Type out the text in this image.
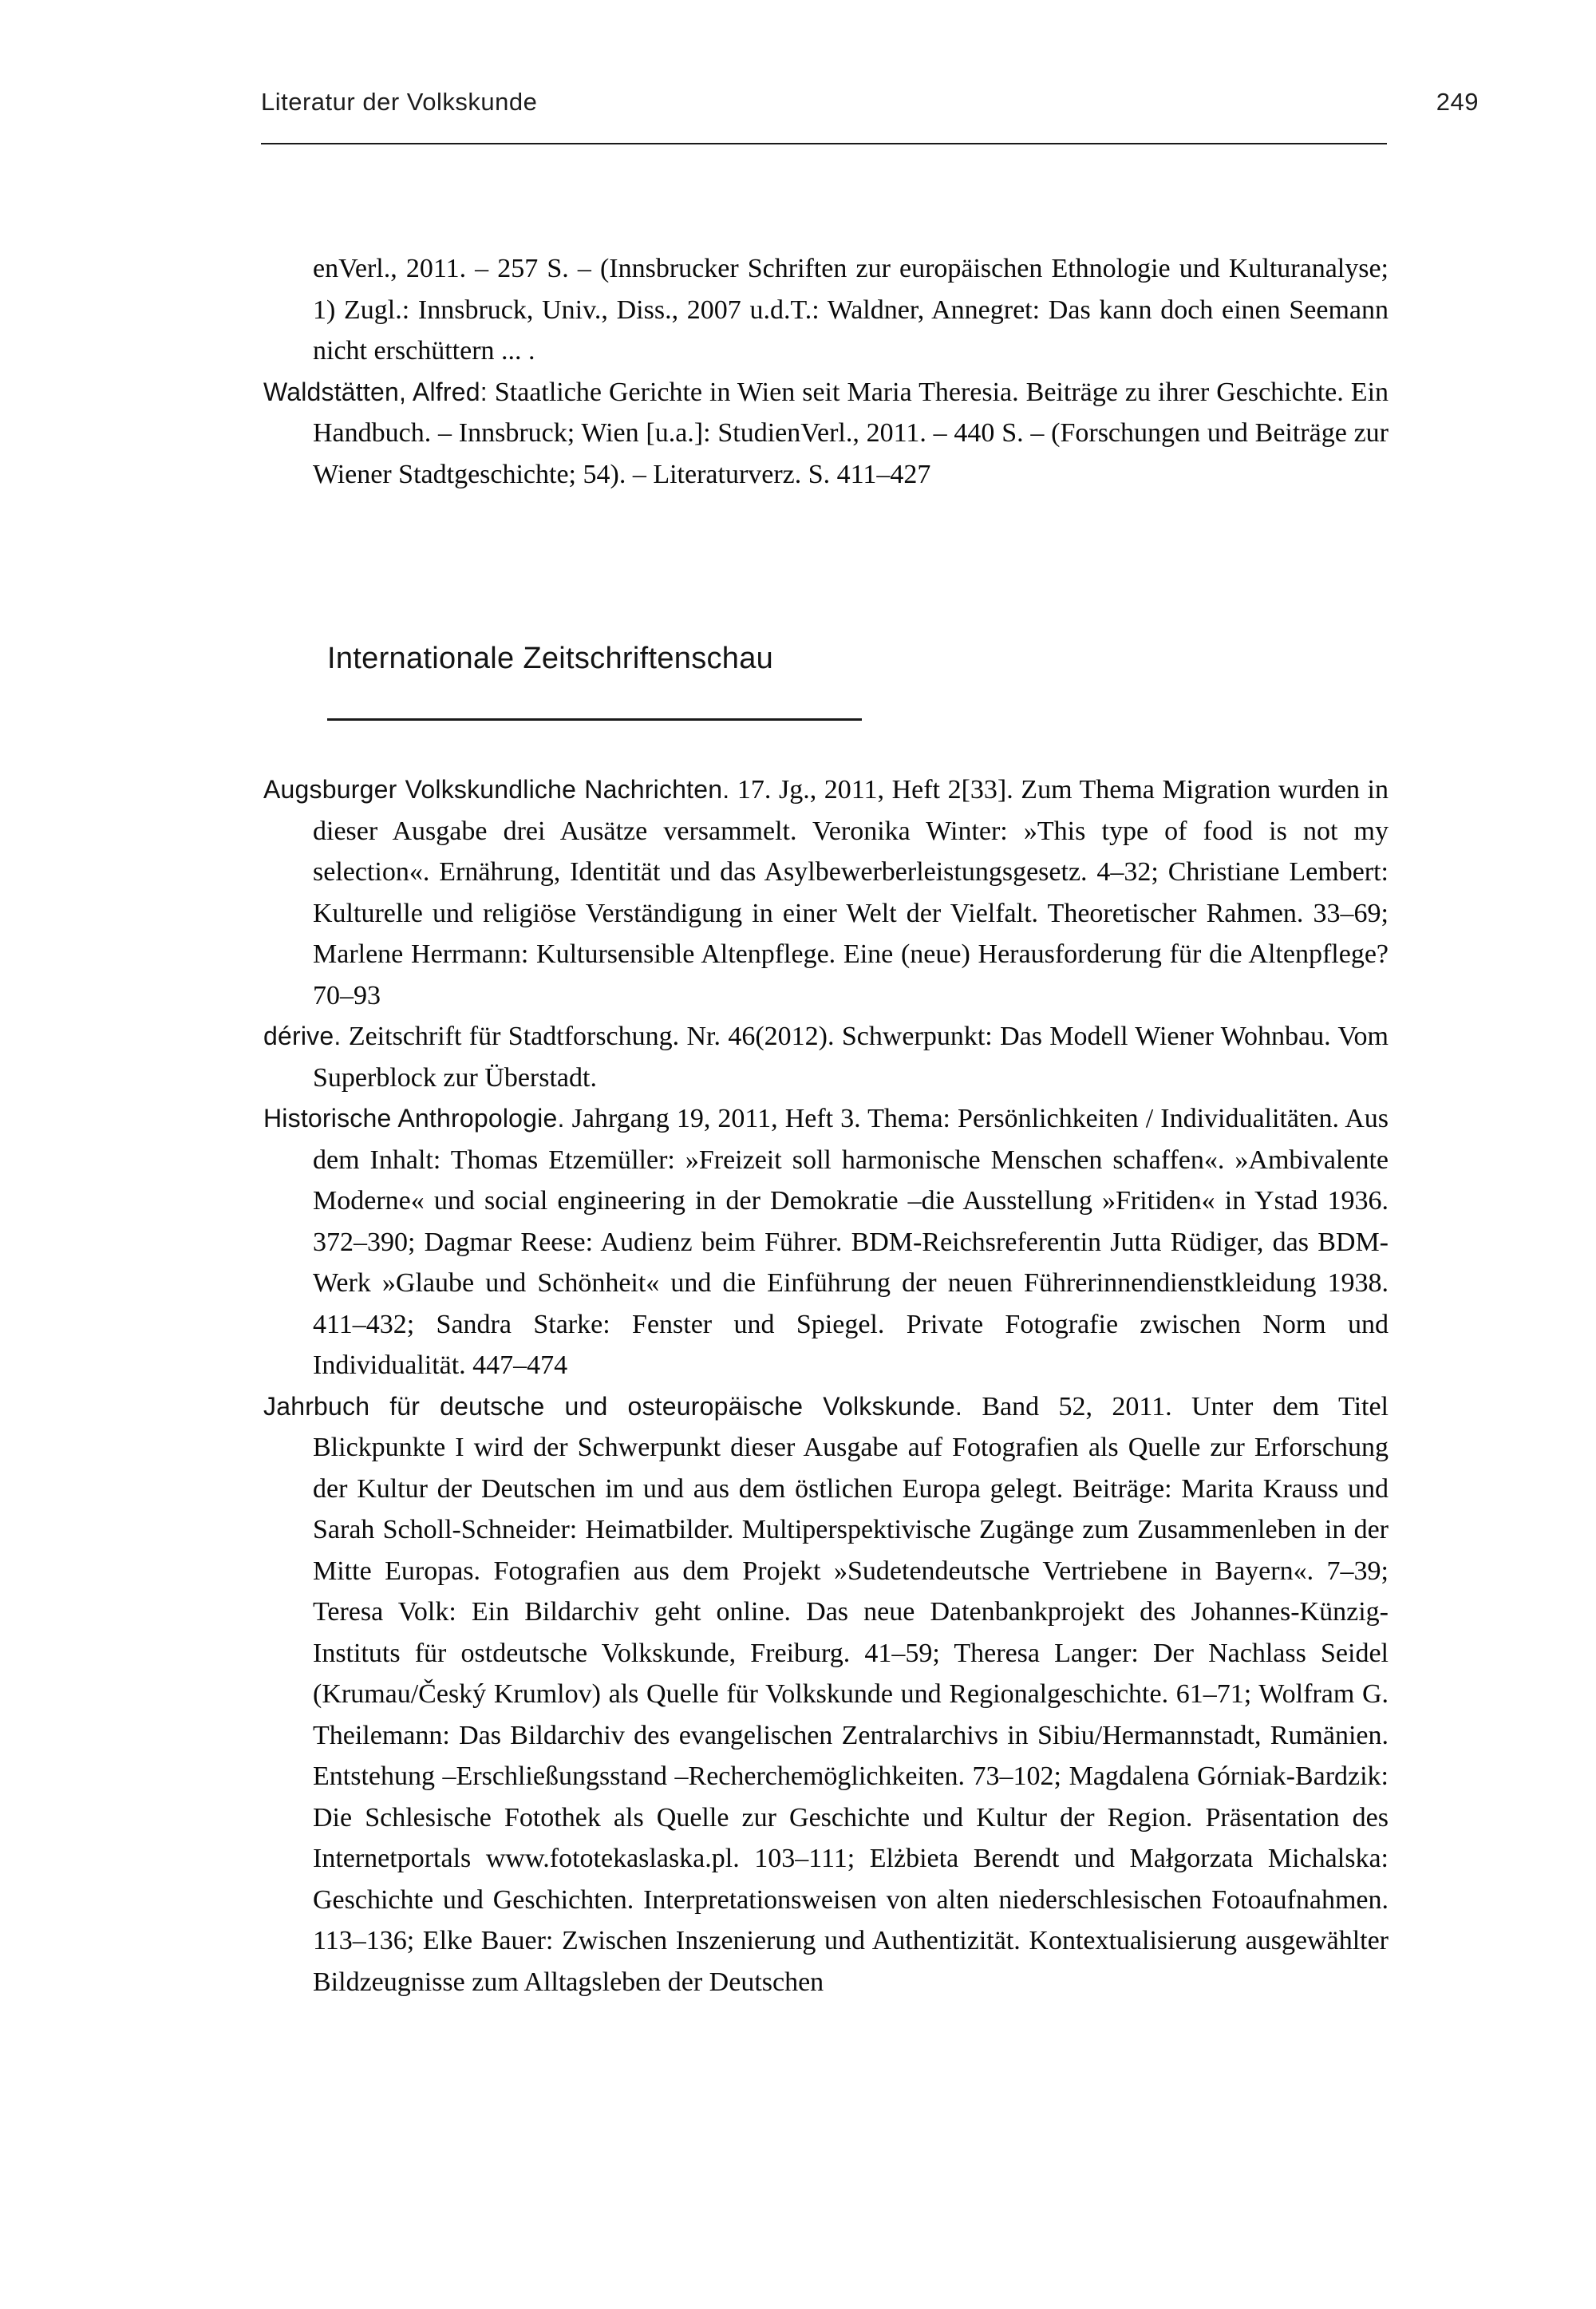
Literatur der Volkskunde	249

enVerl., 2011. – 257 S. – (Innsbrucker Schriften zur europäischen Ethnologie und Kulturanalyse; 1) Zugl.: Innsbruck, Univ., Diss., 2007 u.d.T.: Waldner, Annegret: Das kann doch einen Seemann nicht erschüttern ... .

Waldstätten, Alfred: Staatliche Gerichte in Wien seit Maria Theresia. Beiträge zu ihrer Geschichte. Ein Handbuch. – Innsbruck; Wien [u.a.]: StudienVerl., 2011. – 440 S. – (Forschungen und Beiträge zur Wiener Stadtgeschichte; 54). – Literaturverz. S. 411–427

Internationale Zeitschriftenschau

Augsburger Volkskundliche Nachrichten. 17. Jg., 2011, Heft 2[33]. Zum Thema Migration wurden in dieser Ausgabe drei Ausätze versammelt. Veronika Winter: »This type of food is not my selection«. Ernährung, Identität und das Asylbewerberleistungsgesetz. 4–32; Christiane Lembert: Kulturelle und religiöse Verständigung in einer Welt der Vielfalt. Theoretischer Rahmen. 33–69; Marlene Herrmann: Kultursensible Altenpflege. Eine (neue) Herausforderung für die Altenpflege? 70–93

dérive. Zeitschrift für Stadtforschung. Nr. 46(2012). Schwerpunkt: Das Modell Wiener Wohnbau. Vom Superblock zur Überstadt.

Historische Anthropologie. Jahrgang 19, 2011, Heft 3. Thema: Persönlichkeiten / Individualitäten. Aus dem Inhalt: Thomas Etzemüller: »Freizeit soll harmonische Menschen schaffen«. »Ambivalente Moderne« und social engineering in der Demokratie –die Ausstellung »Fritiden« in Ystad 1936. 372–390; Dagmar Reese: Audienz beim Führer. BDM-Reichsreferentin Jutta Rüdiger, das BDM-Werk »Glaube und Schönheit« und die Einführung der neuen Führerinnendienstkleidung 1938. 411–432; Sandra Starke: Fenster und Spiegel. Private Fotografie zwischen Norm und Individualität. 447–474

Jahrbuch für deutsche und osteuropäische Volkskunde. Band 52, 2011. Unter dem Titel Blickpunkte I wird der Schwerpunkt dieser Ausgabe auf Fotografien als Quelle zur Erforschung der Kultur der Deutschen im und aus dem östlichen Europa gelegt. Beiträge: Marita Krauss und Sarah Scholl-Schneider: Heimatbilder. Multiperspektivische Zugänge zum Zusammenleben in der Mitte Europas. Fotografien aus dem Projekt »Sudetendeutsche Vertriebene in Bayern«. 7–39; Teresa Volk: Ein Bildarchiv geht online. Das neue Datenbankprojekt des Johannes-Künzig-Instituts für ostdeutsche Volkskunde, Freiburg. 41–59; Theresa Langer: Der Nachlass Seidel (Krumau/Český Krumlov) als Quelle für Volkskunde und Regionalgeschichte. 61–71; Wolfram G. Theilemann: Das Bildarchiv des evangelischen Zentralarchivs in Sibiu/Hermannstadt, Rumänien. Entstehung –Erschließungsstand –Recherchemöglichkeiten. 73–102; Magdalena Górniak-Bardzik: Die Schlesische Fotothek als Quelle zur Geschichte und Kultur der Region. Präsentation des Internetportals www.fototekaslaska.pl. 103–111; Elżbieta Berendt und Małgorzata Michalska: Geschichte und Geschichten. Interpretationsweisen von alten niederschlesischen Fotoaufnahmen. 113–136; Elke Bauer: Zwischen Inszenierung und Authentizität. Kontextualisierung ausgewählter Bildzeugnisse zum Alltagsleben der Deutschen
